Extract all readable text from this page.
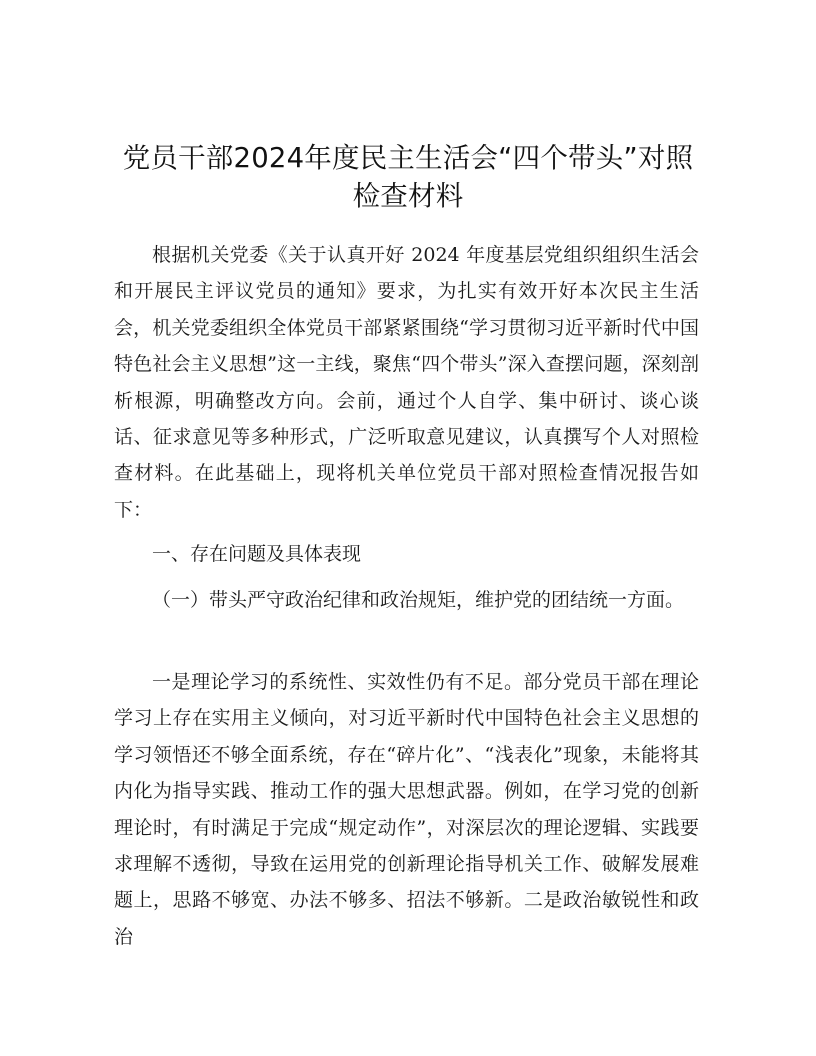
党员干部2024年度民主生活会“四个带头”对照检查材料

根据机关党委《关于认真开好 2024 年度基层党组织组织生活会和开展民主评议党员的通知》要求，为扎实有效开好本次民主生活会，机关党委组织全体党员干部紧紧围绕“学习贯彻习近平新时代中国特色社会主义思想”这一主线，聚焦“四个带头”深入查摆问题，深刻剖析根源，明确整改方向。会前，通过个人自学、集中研讨、谈心谈话、征求意见等多种形式，广泛听取意见建议，认真撰写个人对照检查材料。在此基础上，现将机关单位党员干部对照检查情况报告如下：

一、存在问题及具体表现

（一）带头严守政治纪律和政治规矩，维护党的团结统一方面。

一是理论学习的系统性、实效性仍有不足。部分党员干部在理论学习上存在实用主义倾向，对习近平新时代中国特色社会主义思想的学习领悟还不够全面系统，存在“碎片化”、“浅表化”现象，未能将其内化为指导实践、推动工作的强大思想武器。例如，在学习党的创新理论时，有时满足于完成“规定动作”，对深层次的理论逻辑、实践要求理解不透彻，导致在运用党的创新理论指导机关工作、破解发展难题上，思路不够宽、办法不够多、招法不够新。二是政治敏锐性和政治
